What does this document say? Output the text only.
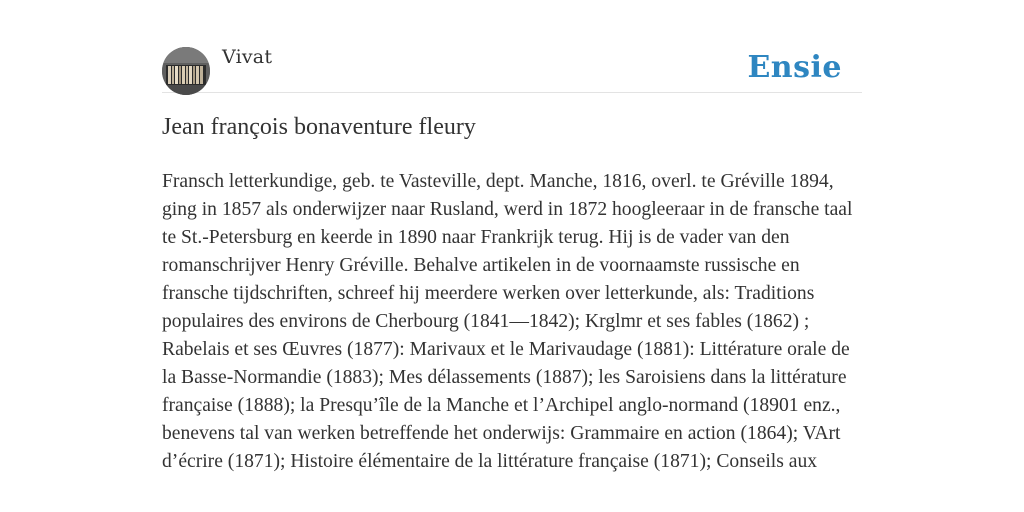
Vivat	Ensie
Jean françois bonaventure fleury

Fransch letterkundige, geb. te Vasteville, dept. Manche, 1816, overl. te Gréville 1894, ging in 1857 als onderwijzer naar Rusland, werd in 1872 hoogleeraar in de fransche taal te St.-Petersburg en keerde in 1890 naar Frankrijk terug. Hij is de vader van den romanschrijver Henry Gréville. Behalve artikelen in de voornaamste russische en fransche tijdschriften, schreef hij meerdere werken over letterkunde, als: Traditions populaires des environs de Cherbourg (1841—1842); Krglmr et ses fables (1862) ; Rabelais et ses Œuvres (1877): Marivaux et le Marivaudage (1881): Littérature orale de la Basse-Normandie (1883); Mes délassements (1887); les Saroisiens dans la littérature française (1888); la Presqu’île de la Manche et l’Archipel anglo-normand (18901 enz., benevens tal van werken betreffende het onderwijs: Grammaire en action (1864); VArt d’écrire (1871); Histoire élémentaire de la littérature française (1871); Conseils aux
